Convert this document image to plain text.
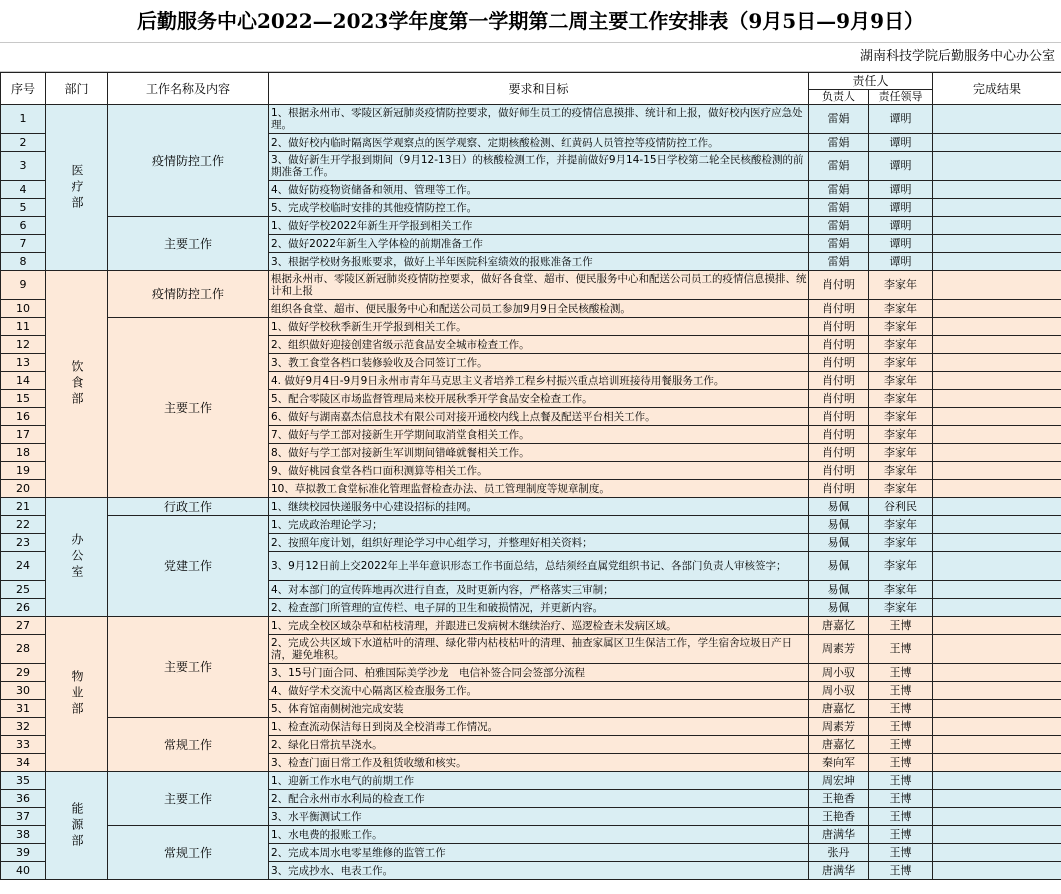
后勤服务中心2022—2023学年度第一学期第二周主要工作安排表（9月5日—9月9日）
湖南科技学院后勤服务中心办公室
序号	部门	工作名称及内容	要求和目标	责任人		完成结果
				负责人	责任领导	
1	医疗部	疫情防控工作	1、根据永州市、零陵区新冠肺炎疫情防控要求，做好师生员工的疫情信息摸排、统计和上报，做好校内医疗应急处理。	雷娟	谭明	
2			2、做好校内临时隔离医学观察点的医学观察、定期核酸检测、红黄码人员管控等疫情防控工作。	雷娟	谭明	
3			3、做好新生开学报到期间（9月12-13日）的核酸检测工作，并提前做好9月14-15日学校第二轮全民核酸检测的前期准备工作。	雷娟	谭明	
4			4、做好防疫物资储备和领用、管理等工作。	雷娟	谭明	
5			5、完成学校临时安排的其他疫情防控工作。	雷娟	谭明	
6		主要工作	1、做好学校2022年新生开学报到相关工作	雷娟	谭明	
7			2、做好2022年新生入学体检的前期准备工作	雷娟	谭明	
8			3、根据学校财务报账要求，做好上半年医院科室绩效的报账准备工作	雷娟	谭明	
9	饮食部	疫情防控工作	根据永州市、零陵区新冠肺炎疫情防控要求，做好各食堂、超市、便民服务中心和配送公司员工的疫情信息摸排、统计和上报	肖付明	李家年	
10			组织各食堂、超市、便民服务中心和配送公司员工参加9月9日全民核酸检测。	肖付明	李家年	
11		主要工作	1、做好学校秋季新生开学报到相关工作。	肖付明	李家年	
12			2、组织做好迎接创建省级示范食品安全城市检查工作。	肖付明	李家年	
13			3、教工食堂各档口装修验收及合同签订工作。	肖付明	李家年	
14			4. 做好9月4日-9月9日永州市青年马克思主义者培养工程乡村振兴重点培训班接待用餐服务工作。	肖付明	李家年	
15			5、配合零陵区市场监督管理局来校开展秋季开学食品安全检查工作。	肖付明	李家年	
16			6、做好与湖南嘉杰信息技术有限公司对接开通校内线上点餐及配送平台相关工作。	肖付明	李家年	
17			7、做好与学工部对接新生开学期间取消堂食相关工作。	肖付明	李家年	
18			8、做好与学工部对接新生军训期间错峰就餐相关工作。	肖付明	李家年	
19			9、做好桃园食堂各档口面积测算等相关工作。	肖付明	李家年	
20			10、草拟教工食堂标准化管理监督检查办法、员工管理制度等规章制度。	肖付明	李家年	
21	办公室	行政工作	1、继续校园快递服务中心建设招标的挂网。	易佩	谷利民	
22		党建工作	1、完成政治理论学习；	易佩	李家年	
23			2、按照年度计划，组织好理论学习中心组学习，并整理好相关资料；	易佩	李家年	
24			3、9月12日前上交2022年上半年意识形态工作书面总结，总结须经直属党组织书记、各部门负责人审核签字；	易佩	李家年	
25			4、对本部门的宣传阵地再次进行自查，及时更新内容，严格落实三审制；	易佩	李家年	
26			2、检查部门所管理的宣传栏、电子屏的卫生和破损情况，并更新内容。	易佩	李家年	
27	物业部	主要工作	1、完成全校区域杂草和枯枝清理，并跟进已发病树木继续治疗、巡逻检查未发病区域。	唐嘉忆	王博	
28			2、完成公共区域下水道枯叶的清理、绿化带内枯枝枯叶的清理、抽查家属区卫生保洁工作，学生宿舍垃圾日产日清，避免堆积。	周素芳	王博	
29			3、15号门面合同、柏雅国际美学沙龙　电信补签合同会签部分流程	周小驭	王博	
30			4、做好学术交流中心隔离区检查服务工作。	周小驭	王博	
31			5、体育馆南侧树池完成安装	唐嘉忆	王博	
32		常规工作	1、检查流动保洁每日到岗及全校消毒工作情况。	周素芳	王博	
33			2、绿化日常抗旱浇水。	唐嘉忆	王博	
34			3、检查门面日常工作及租赁收缴和核实。	秦向军	王博	
35	能源部	主要工作	1、迎新工作水电气的前期工作	周宏坤	王博	
36			2、配合永州市水利局的检查工作	王艳香	王博	
37			3、水平衡测试工作	王艳香	王博	
38		常规工作	1、水电费的报账工作。	唐满华	王博	
39			2、完成本周水电零星维修的监管工作	张丹	王博	
40			3、完成抄水、电表工作。	唐满华	王博	
